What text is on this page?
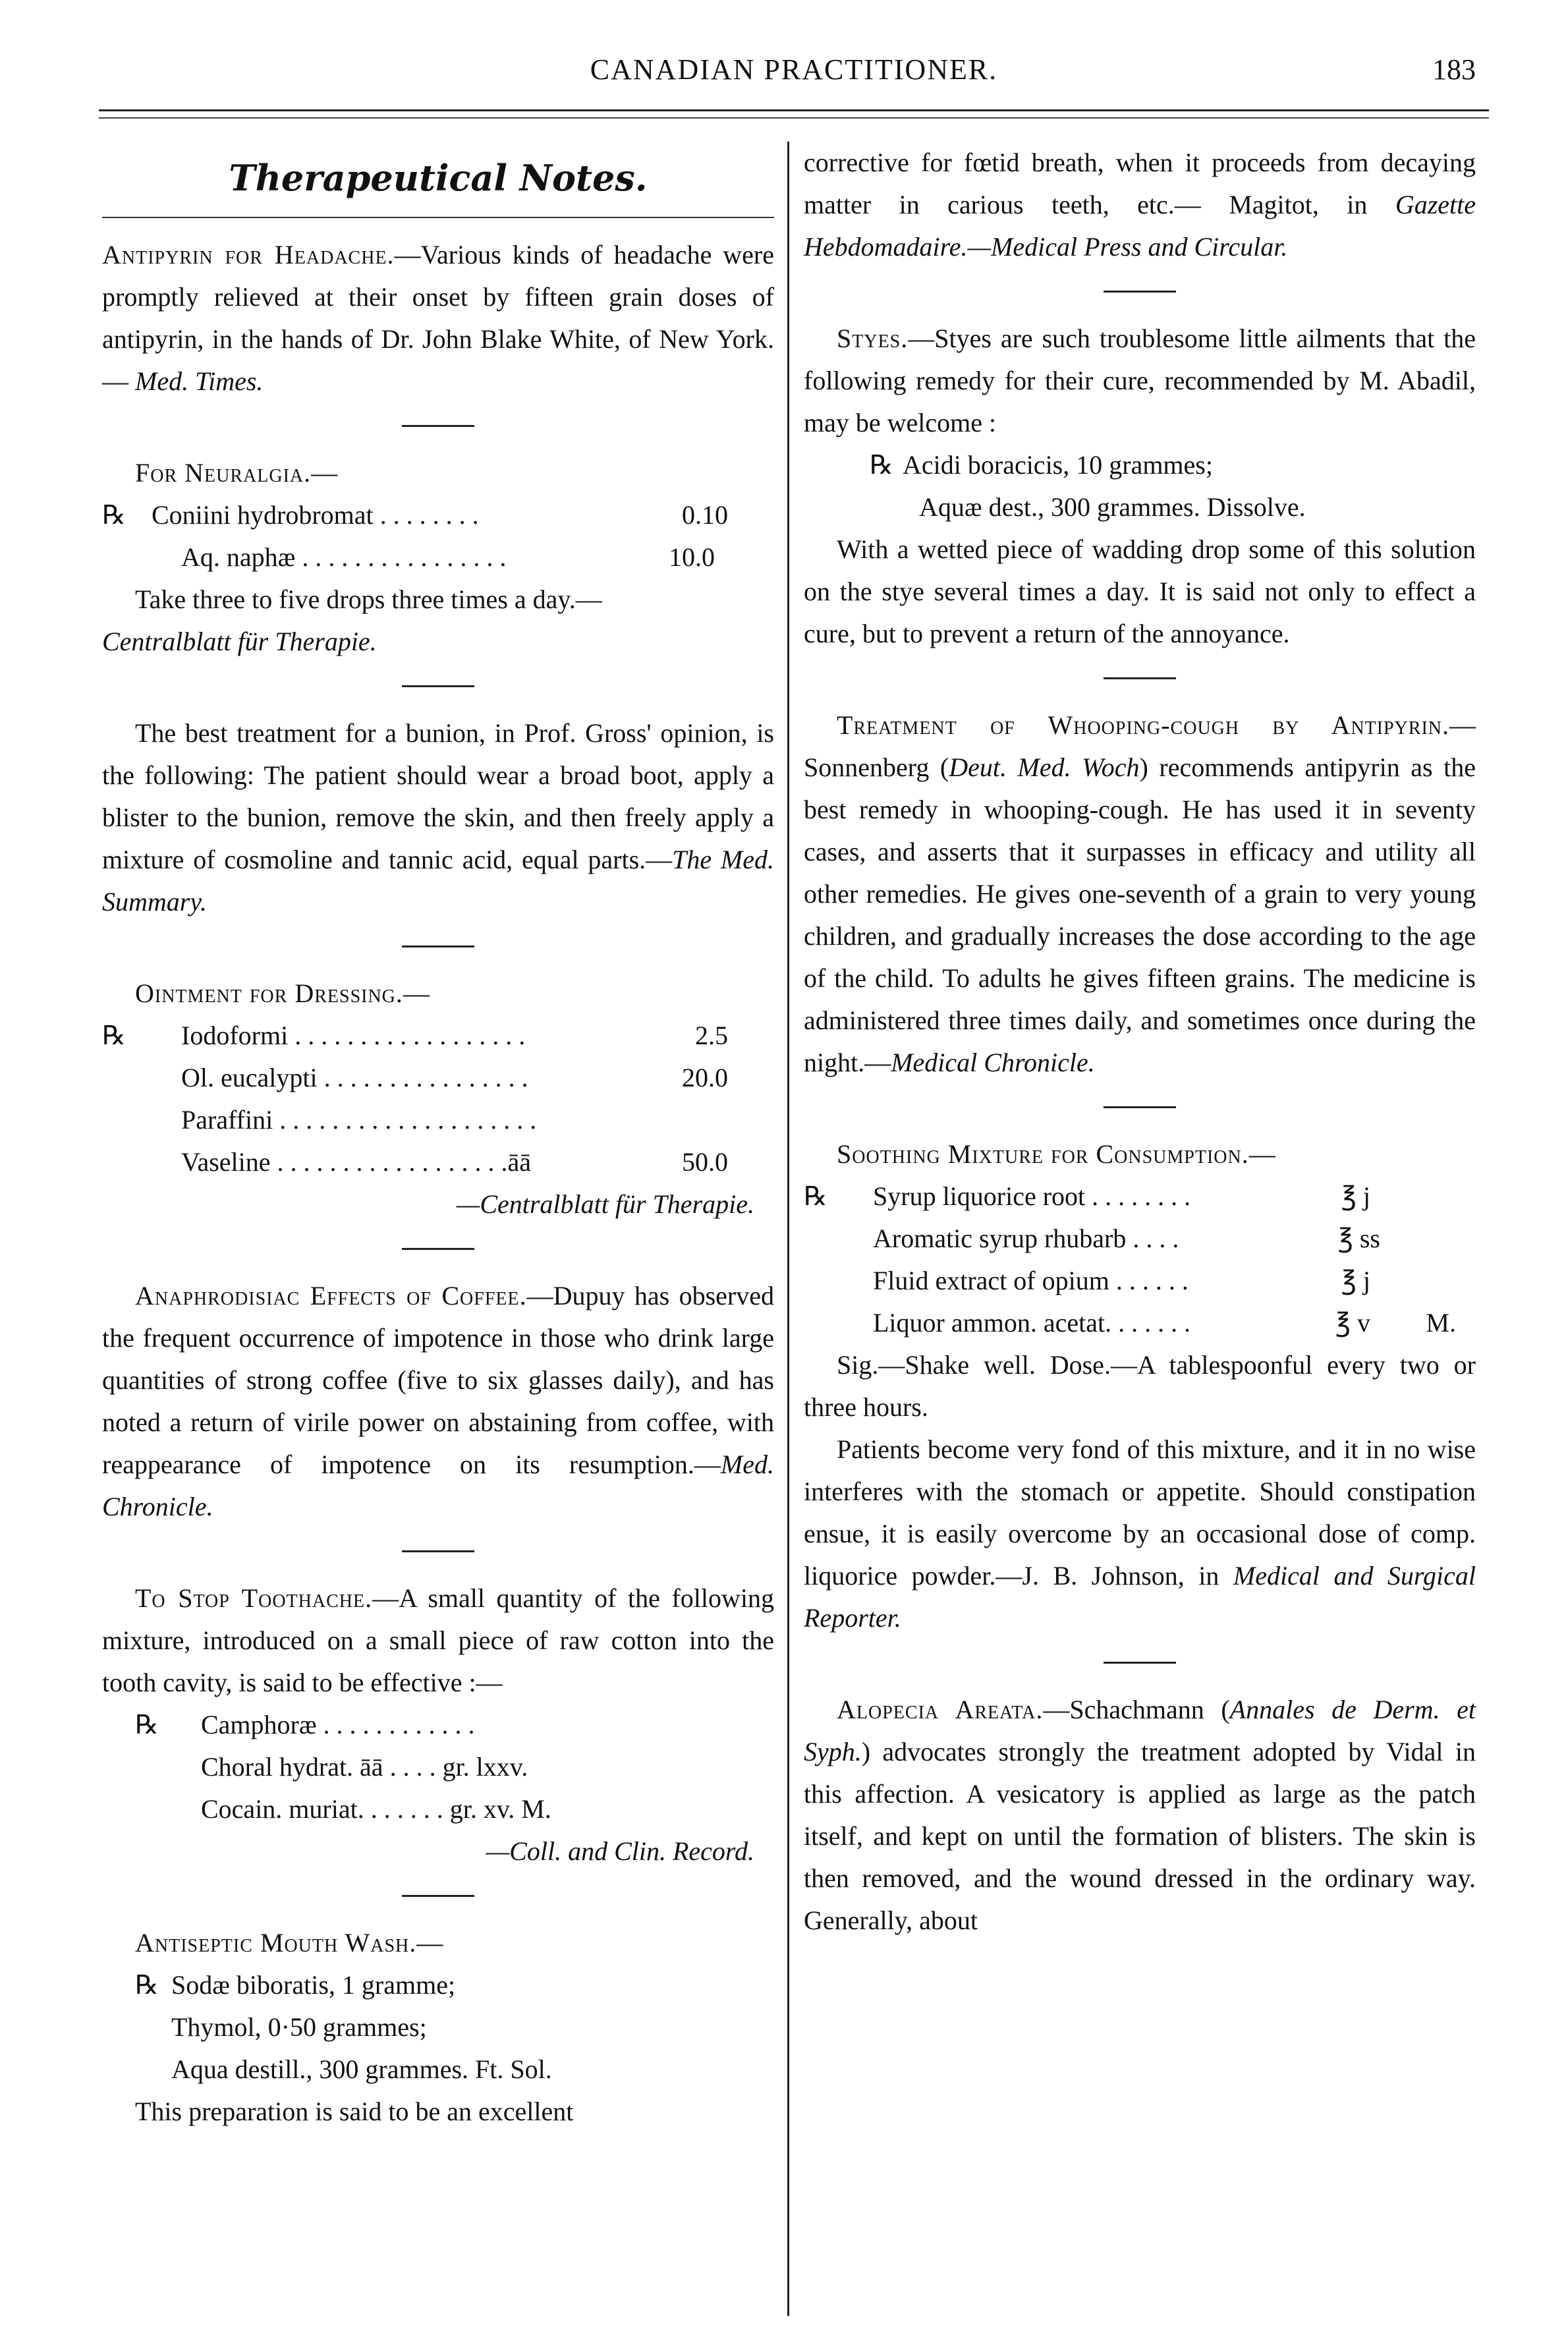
CANADIAN PRACTITIONER.	183
Therapeutical Notes.

Antipyrin for Headache.—Various kinds of headache were promptly relieved at their onset by fifteen grain doses of antipyrin, in the hands of Dr. John Blake White, of New York. — Med. Times.

For Neuralgia.—

℞ Coniini hydrobromat . . . . . . . .	0.10
Aq. naphæ . . . . . . . . . . . . . . . .	10.0

Take three to five drops three times a day.—

Centralblatt für Therapie.

The best treatment for a bunion, in Prof. Gross' opinion, is the following: The patient should wear a broad boot, apply a blister to the bunion, remove the skin, and then freely apply a mixture of cosmoline and tannic acid, equal parts.—The Med. Summary.

Ointment for Dressing.—

℞ Iodoformi . . . . . . . . . . . . . . . . . .	2.5
Ol. eucalypti . . . . . . . . . . . . . . . .	20.0
Paraffini . . . . . . . . . . . . . . . . . . . .
Vaseline . . . . . . . . . . . . . . . . . .āā	50.0

—Centralblatt für Therapie.

Anaphrodisiac Effects of Coffee.—Dupuy has observed the frequent occurrence of impotence in those who drink large quantities of strong coffee (five to six glasses daily), and has noted a return of virile power on abstaining from coffee, with reappearance of impotence on its resumption.—Med. Chronicle.

To Stop Toothache.—A small quantity of the following mixture, introduced on a small piece of raw cotton into the tooth cavity, is said to be effective :—

℞ Camphoræ . . . . . . . . . . . .
Choral hydrat. āā . . . . gr. lxxv.
Cocain. muriat. . . . . . . gr. xv. M.

—Coll. and Clin. Record.

Antiseptic Mouth Wash.—

℞ Sodæ biboratis, 1 gramme;
Thymol, 0·50 grammes;
Aqua destill., 300 grammes. Ft. Sol.

This preparation is said to be an excellent

corrective for fœtid breath, when it proceeds from decaying matter in carious teeth, etc.— Magitot, in Gazette Hebdomadaire.—Medical Press and Circular.

Styes.—Styes are such troublesome little ailments that the following remedy for their cure, recommended by M. Abadil, may be welcome :

℞ Acidi boracicis, 10 grammes;
Aquæ dest., 300 grammes. Dissolve.

With a wetted piece of wadding drop some of this solution on the stye several times a day. It is said not only to effect a cure, but to prevent a return of the annoyance.

Treatment of Whooping-cough by Antipyrin.—Sonnenberg (Deut. Med. Woch) recommends antipyrin as the best remedy in whooping-cough. He has used it in seventy cases, and asserts that it surpasses in efficacy and utility all other remedies. He gives one-seventh of a grain to very young children, and gradually increases the dose according to the age of the child. To adults he gives fifteen grains. The medicine is administered three times daily, and sometimes once during the night.—Medical Chronicle.

Soothing Mixture for Consumption.—

℞ Syrup liquorice root . . . . . . . .	℥ j
Aromatic syrup rhubarb . . . .	℥ ss
Fluid extract of opium . . . . . .	℥ j
Liquor ammon. acetat. . . . . . .	℥ v M.

Sig.—Shake well. Dose.—A tablespoonful every two or three hours.

Patients become very fond of this mixture, and it in no wise interferes with the stomach or appetite. Should constipation ensue, it is easily overcome by an occasional dose of comp. liquorice powder.—J. B. Johnson, in Medical and Surgical Reporter.

Alopecia Areata.—Schachmann (Annales de Derm. et Syph.) advocates strongly the treatment adopted by Vidal in this affection. A vesicatory is applied as large as the patch itself, and kept on until the formation of blisters. The skin is then removed, and the wound dressed in the ordinary way. Generally, about
